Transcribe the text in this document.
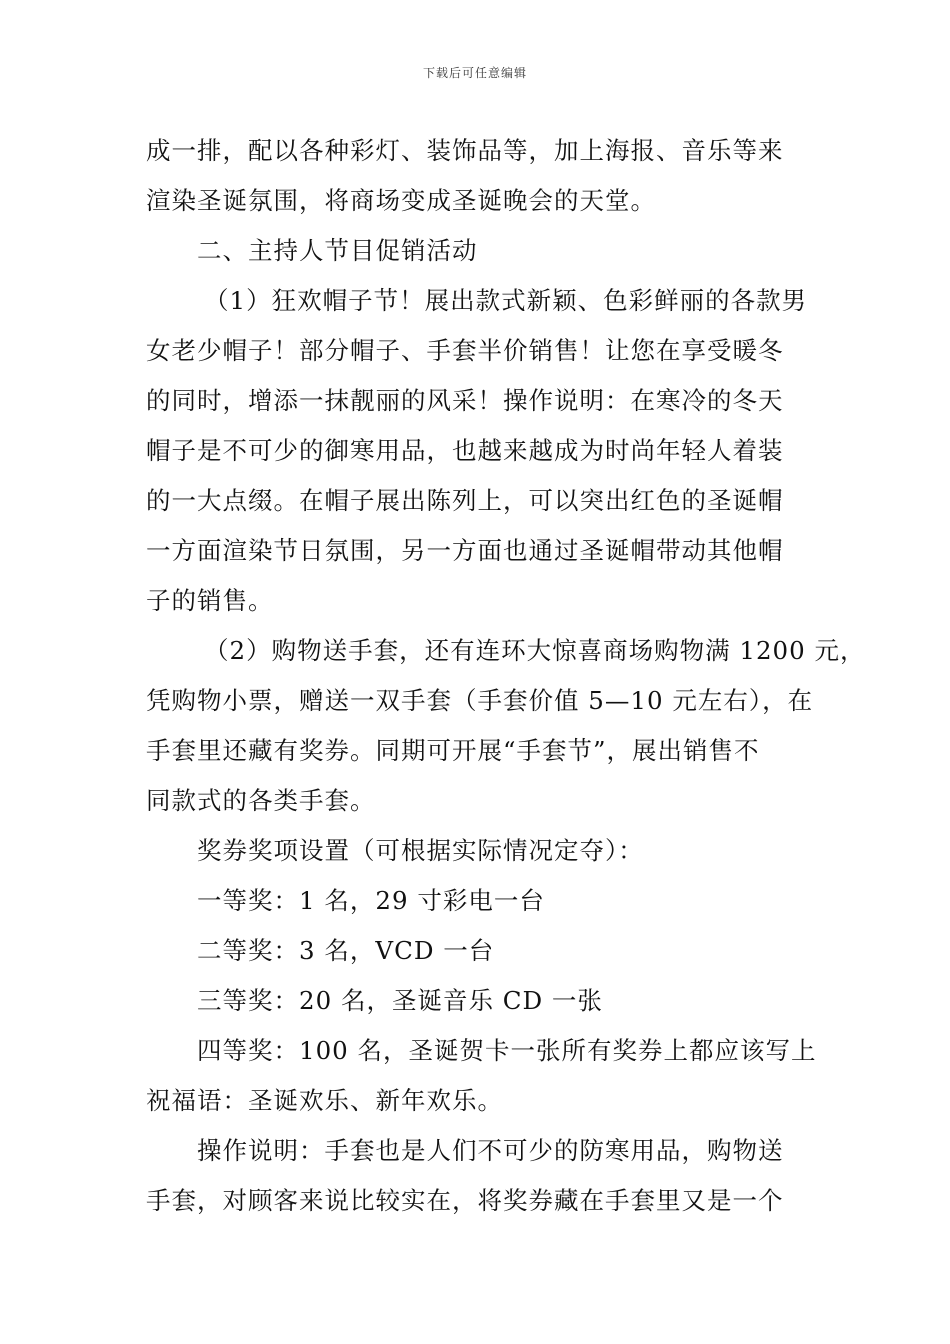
下载后可任意编辑

成一排，配以各种彩灯、装饰品等，加上海报、音乐等来

渲染圣诞氛围，将商场变成圣诞晚会的天堂。

二、主持人节目促销活动

（1）狂欢帽子节！展出款式新颖、色彩鲜丽的各款男

女老少帽子！部分帽子、手套半价销售！让您在享受暖冬

的同时，增添一抹靓丽的风采！操作说明：在寒冷的冬天

帽子是不可少的御寒用品，也越来越成为时尚年轻人着装

的一大点缀。在帽子展出陈列上，可以突出红色的圣诞帽

一方面渲染节日氛围，另一方面也通过圣诞帽带动其他帽

子的销售。

（2）购物送手套，还有连环大惊喜商场购物满 1200 元，

凭购物小票，赠送一双手套（手套价值 5—10 元左右），在

手套里还藏有奖券。同期可开展“手套节”，展出销售不

同款式的各类手套。

奖券奖项设置（可根据实际情况定夺）：

一等奖：1 名，29 寸彩电一台

二等奖：3 名，VCD 一台

三等奖：20 名，圣诞音乐 CD 一张

四等奖：100 名，圣诞贺卡一张所有奖券上都应该写上

祝福语：圣诞欢乐、新年欢乐。

操作说明：手套也是人们不可少的防寒用品，购物送

手套，对顾客来说比较实在，将奖券藏在手套里又是一个
